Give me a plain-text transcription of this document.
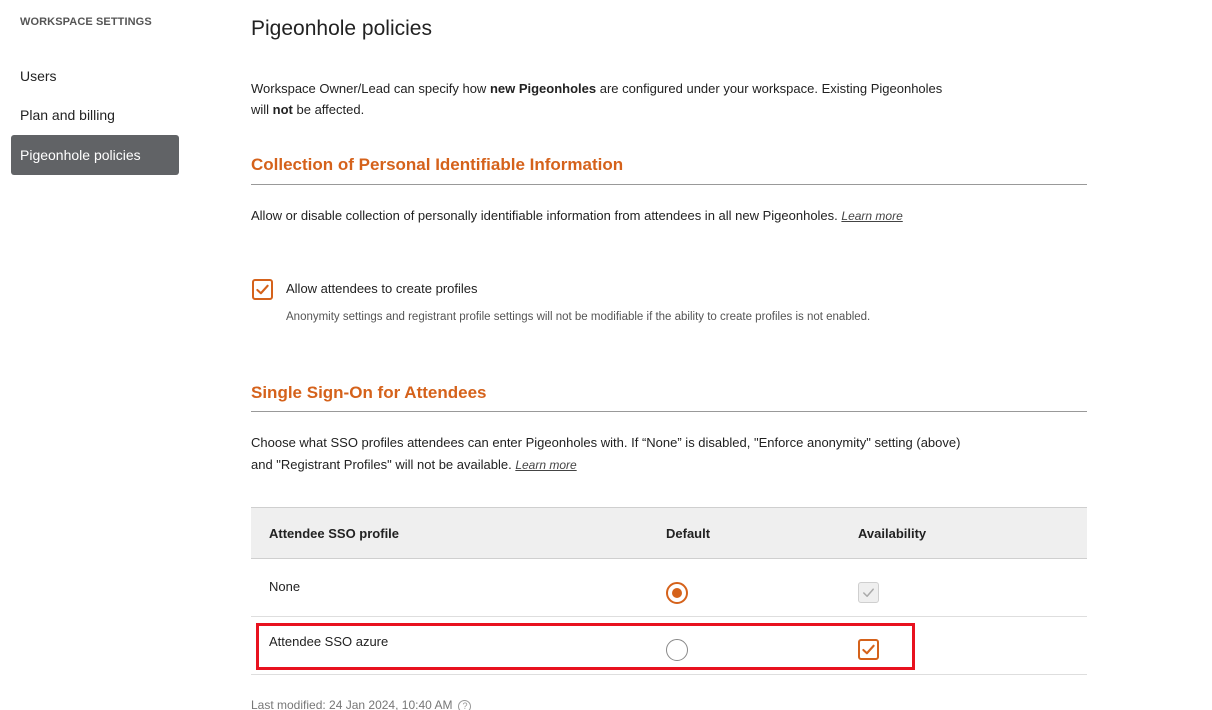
WORKSPACE SETTINGS
Users
Plan and billing
Pigeonhole policies
Pigeonhole policies
Workspace Owner/Lead can specify how new Pigeonholes are configured under your workspace. Existing Pigeonholes will not be affected.
Collection of Personal Identifiable Information
Allow or disable collection of personally identifiable information from attendees in all new Pigeonholes. Learn more
Allow attendees to create profiles
Anonymity settings and registrant profile settings will not be modifiable if the ability to create profiles is not enabled.
Single Sign-On for Attendees
Choose what SSO profiles attendees can enter Pigeonholes with. If “None” is disabled, "Enforce anonymity" setting (above) and "Registrant Profiles" will not be available. Learn more
Attendee SSO profile	Default	Availability
None
Attendee SSO azure
Last modified: 24 Jan 2024, 10:40 AM ?
